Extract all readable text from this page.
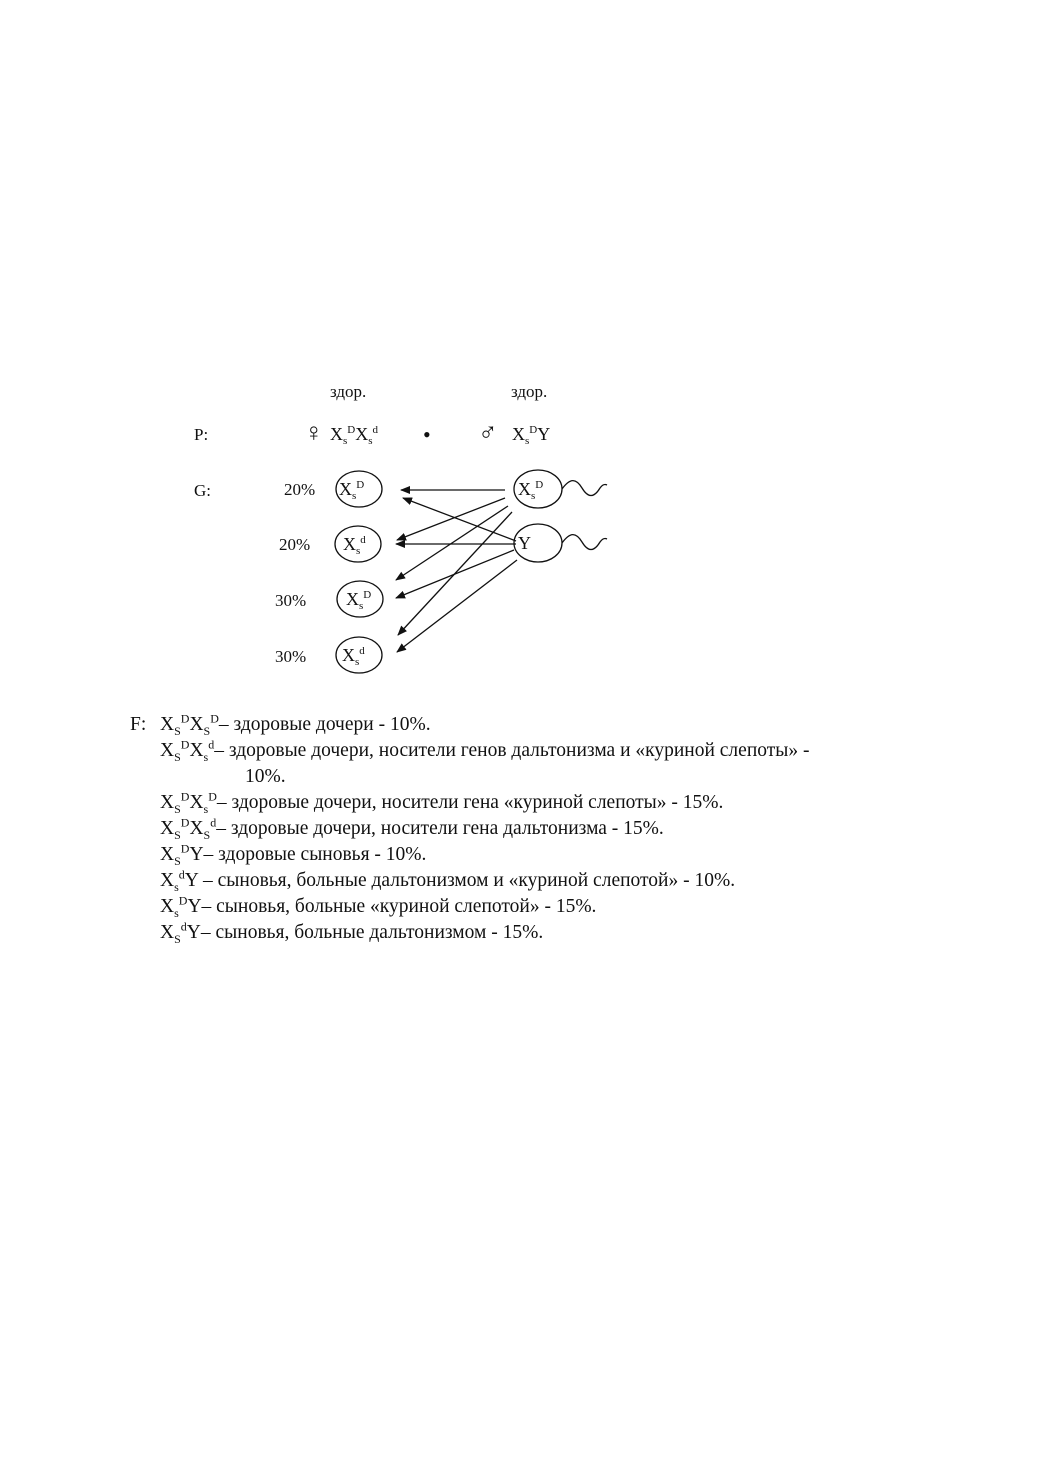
здор.	здор.
P:
G:
♀ $X_s^DX_s^d$ • ♂ $X_s^DY$
20% $X_s^D$
20% $X_s^d$
30% $X_s^D$
30% $X_s^d$
$X_s^D$
Y
F: $X_S^DX_S^D-$ здоровые дочери - 10%.
$X_S^DX_s^d-$ здоровые дочери, носители генов дальтонизма и «куриной слепоты» -
10%.
$X_S^DX_s^D-$ здоровые дочери, носители гена «куриной слепоты» - 15%.
$X_S^DX_S^d-$ здоровые дочери, носители гена дальтонизма - 15%.
$X_S^DY-$ здоровые сыновья - 10%.
$X_s^dY$ – сыновья, больные дальтонизмом и «куриной слепотой» - 10%.
$X_s^DY-$ сыновья, больные «куриной слепотой» - 15%.
$X_S^dY-$ сыновья, больные дальтонизмом - 15%.
